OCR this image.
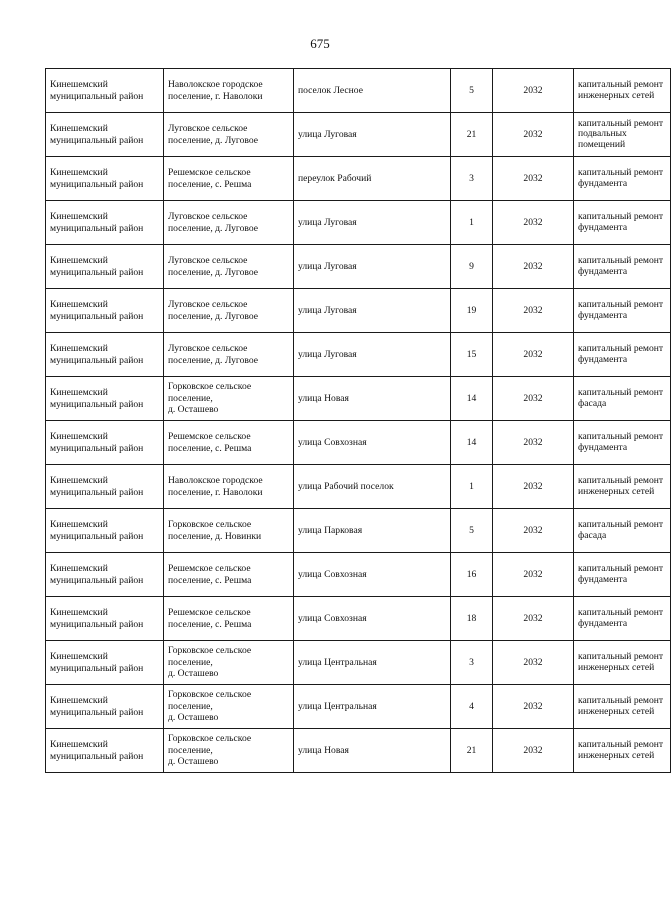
675
Кинешемский муниципальный район	Наволокское городское поселение, г. Наволоки	поселок Лесное	5	2032	капитальный ремонт инженерных сетей

Кинешемский муниципальный район	Луговское сельское поселение, д. Луговое	улица Луговая	21	2032	капитальный ремонт подвальных помещений

Кинешемский муниципальный район	Решемское сельское поселение, с. Решма	переулок Рабочий	3	2032	капитальный ремонт фундамента

Кинешемский муниципальный район	Луговское сельское поселение, д. Луговое	улица Луговая	1	2032	капитальный ремонт фундамента

Кинешемский муниципальный район	Луговское сельское поселение, д. Луговое	улица Луговая	9	2032	капитальный ремонт фундамента

Кинешемский муниципальный район	Луговское сельское поселение, д. Луговое	улица Луговая	19	2032	капитальный ремонт фундамента

Кинешемский муниципальный район	Луговское сельское поселение, д. Луговое	улица Луговая	15	2032	капитальный ремонт фундамента

Кинешемский муниципальный район	Горковское сельское поселение,
д. Осташево	улица Новая	14	2032	капитальный ремонт фасада

Кинешемский муниципальный район	Решемское сельское поселение, с. Решма	улица Совхозная	14	2032	капитальный ремонт фундамента

Кинешемский муниципальный район	Наволокское городское поселение, г. Наволоки	улица Рабочий поселок	1	2032	капитальный ремонт инженерных сетей

Кинешемский муниципальный район	Горковское сельское поселение, д. Новинки	улица Парковая	5	2032	капитальный ремонт фасада

Кинешемский муниципальный район	Решемское сельское поселение, с. Решма	улица Совхозная	16	2032	капитальный ремонт фундамента

Кинешемский муниципальный район	Решемское сельское поселение, с. Решма	улица Совхозная	18	2032	капитальный ремонт фундамента

Кинешемский муниципальный район	Горковское сельское поселение,
д. Осташево	улица Центральная	3	2032	капитальный ремонт инженерных сетей

Кинешемский муниципальный район	Горковское сельское поселение,
д. Осташево	улица Центральная	4	2032	капитальный ремонт инженерных сетей

Кинешемский муниципальный район	Горковское сельское поселение,
д. Осташево	улица Новая	21	2032	капитальный ремонт инженерных сетей
